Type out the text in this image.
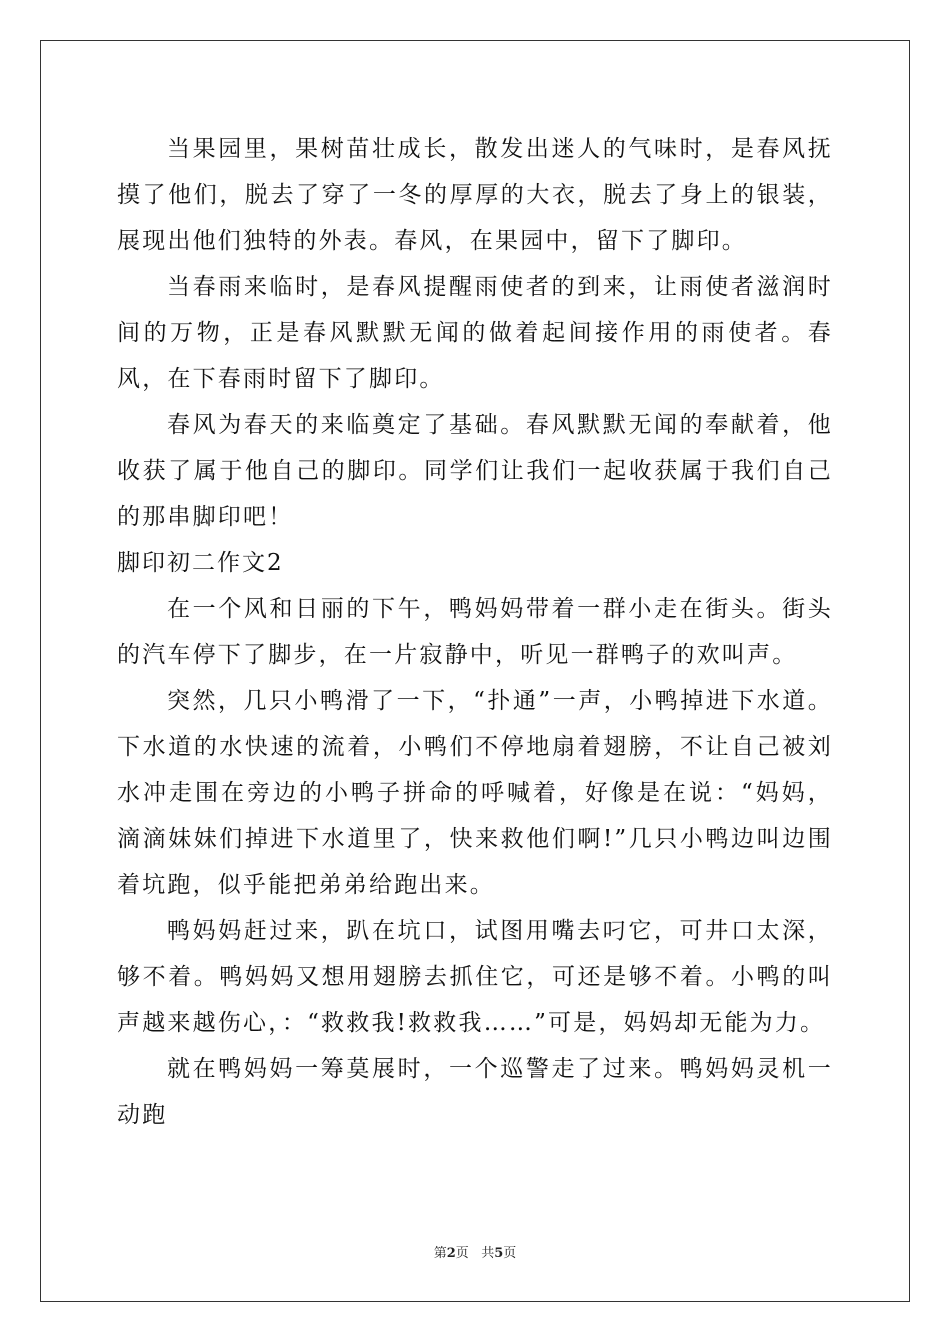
当果园里，果树苗壮成长，散发出迷人的气味时，是春风抚摸了他们，脱去了穿了一冬的厚厚的大衣，脱去了身上的银装，展现出他们独特的外表。春风，在果园中，留下了脚印。

当春雨来临时，是春风提醒雨使者的到来，让雨使者滋润时间的万物，正是春风默默无闻的做着起间接作用的雨使者。春风，在下春雨时留下了脚印。

春风为春天的来临奠定了基础。春风默默无闻的奉献着，他收获了属于他自己的脚印。同学们让我们一起收获属于我们自己的那串脚印吧！

脚印初二作文2

在一个风和日丽的下午，鸭妈妈带着一群小走在街头。街头的汽车停下了脚步，在一片寂静中，听见一群鸭子的欢叫声。

突然，几只小鸭滑了一下，“扑通”一声，小鸭掉进下水道。下水道的水快速的流着，小鸭们不停地扇着翅膀，不让自己被刘水冲走围在旁边的小鸭子拼命的呼喊着，好像是在说：“妈妈，滴滴妹妹们掉进下水道里了，快来救他们啊!”几只小鸭边叫边围着坑跑，似乎能把弟弟给跑出来。

鸭妈妈赶过来，趴在坑口，试图用嘴去叼它，可井口太深，够不着。鸭妈妈又想用翅膀去抓住它，可还是够不着。小鸭的叫声越来越伤心，：“救救我!救救我……”可是，妈妈却无能为力。

就在鸭妈妈一筹莫展时，一个巡警走了过来。鸭妈妈灵机一动跑

第2页 共5页
